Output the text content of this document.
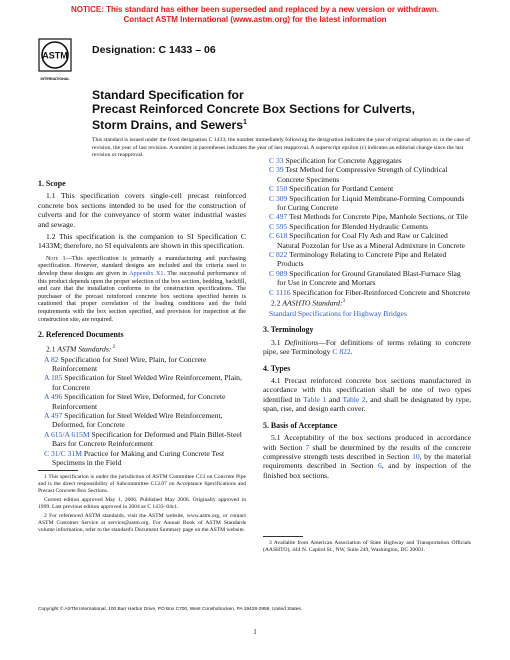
NOTICE: This standard has either been superseded and replaced by a new version or withdrawn.
Contact ASTM International (www.astm.org) for the latest information
ASTM
INTERNATIONAL
Designation: C 1433 – 06
Standard Specification for
Precast Reinforced Concrete Box Sections for Culverts,
Storm Drains, and Sewers$^1$
This standard is issued under the fixed designation C 1433; the number immediately following the designation indicates the year of original adoption or, in the case of revision, the year of last revision. A number in parentheses indicates the year of last reapproval. A superscript epsilon (ε) indicates an editorial change since the last revision or reapproval.
1. Scope

1.1 This specification covers single-cell precast reinforced concrete box sections intended to be used for the construction of culverts and for the conveyance of storm water industrial wastes and sewage.

1.2 This specification is the companion to SI Specification C 1433M; therefore, no SI equivalents are shown in this specification.

Note 1—This specification is primarily a manufacturing and purchasing specification. However, standard designs are included and the criteria used to develop these designs are given in Appendix X1. The successful performance of this product depends upon the proper selection of the box section, bedding, backfill, and care that the installation conforms to the construction specifications. The purchaser of the precast reinforced concrete box sections specified herein is cautioned that proper correlation of the loading conditions and the field requirements with the box section specified, and provision for inspection at the construction site, are required.

2. Referenced Documents

2.1 ASTM Standards: $^2$

A 82 Specification for Steel Wire, Plain, for Concrete Reinforcement

A 185 Specification for Steel Welded Wire Reinforcement, Plain, for Concrete

A 496 Specification for Steel Wire, Deformed, for Concrete Reinforcement

A 497 Specification for Steel Welded Wire Reinforcement, Deformed, for Concrete

A 615/A 615M Specification for Deformed and Plain Billet-Steel Bars for Concrete Reinforcement

C 31/C 31M Practice for Making and Curing Concrete Test Specimens in the Field

C 33 Specification for Concrete Aggregates

C 39 Test Method for Compressive Strength of Cylindrical Concrete Specimens

C 150 Specification for Portland Cement

C 309 Specification for Liquid Membrane-Forming Compounds for Curing Concrete

C 497 Test Methods for Concrete Pipe, Manhole Sections, or Tile

C 595 Specification for Blended Hydraulic Cements

C 618 Specification for Coal Fly Ash and Raw or Calcined Natural Pozzolan for Use as a Mineral Admixture in Concrete

C 822 Terminology Relating to Concrete Pipe and Related Products

C 989 Specification for Ground Granulated Blast-Furnace Slag for Use in Concrete and Mortars

C 1116 Specification for Fiber-Reinforced Concrete and Shotcrete

2.2 AASHTO Standard:$^3$

Standard Specifications for Highway Bridges

3. Terminology

3.1 Definitions—For definitions of terms relating to concrete pipe, see Terminology C 822.

4. Types

4.1 Precast reinforced concrete box sections manufactured in accordance with this specification shall be one of two types identified in Table 1 and Table 2, and shall be designated by type, span, rise, and design earth cover.

5. Basis of Acceptance

5.1 Acceptability of the box sections produced in accordance with Section 7 shall be determined by the results of the concrete compressive strength tests described in Section 10, by the material requirements described in Section 6, and by inspection of the finished box sections.

1 This specification is under the jurisdiction of ASTM Committee C13 on Concrete Pipe and is the direct responsibility of Subcommittee C13.07 on Acceptance Specifications and Precast Concrete Box Sections.

Current edition approved May 1, 2006. Published May 2006. Originally approved in 1999. Last previous edition approved in 2004 as C 1433–04ε1.

2 For referenced ASTM standards, visit the ASTM website, www.astm.org, or contact ASTM Customer Service at service@astm.org. For Annual Book of ASTM Standards volume information, refer to the standard's Document Summary page on the ASTM website.

3 Available from American Association of State Highway and Transportation Officials (AASHTO), 444 N. Capitol St., NW, Suite 249, Washington, DC 20001.

Copyright © ASTM International, 100 Barr Harbor Drive, PO Box C700, West Conshohocken, PA 19428-2959, United States.
1
